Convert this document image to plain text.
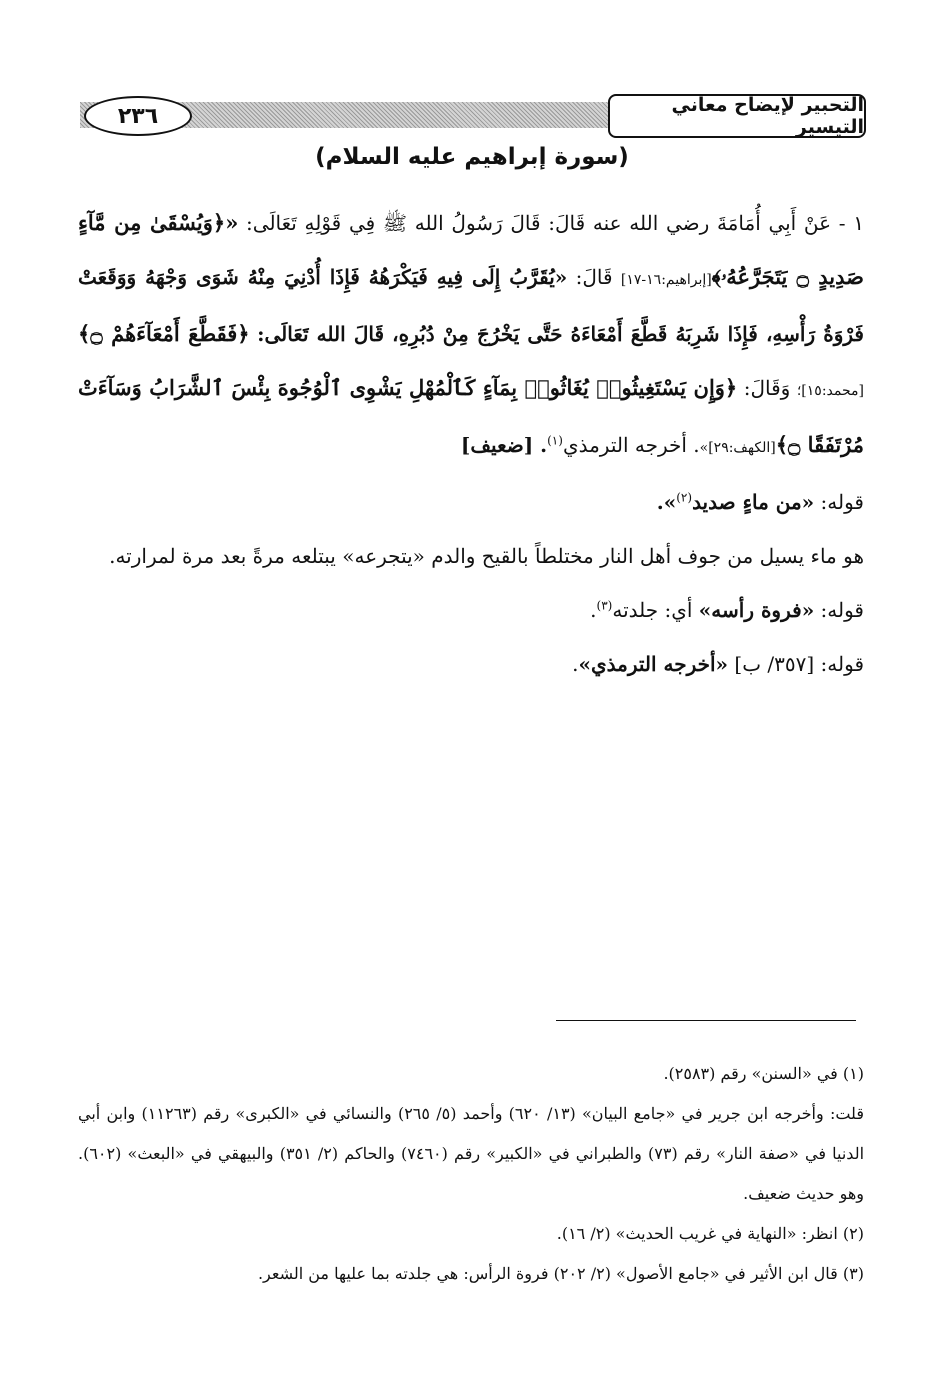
التحبير لإيضاح معاني التيسير
٢٣٦
(سورة إبراهيم عليه السلام)

١ - عَنْ أَبِي أُمَامَةَ رضي الله عنه قَالَ: قَالَ رَسُولُ الله ﷺ فِي قَوْلِهِ تَعَالَى: «﴿وَيُسْقَىٰ مِن مَّآءٍ صَدِيدٍ ۝ يَتَجَرَّعُهُۥ﴾[إبراهيم:١٦-١٧] قَالَ: «يُقَرَّبُ إِلَى فِيهِ فَيَكْرَهُهُ فَإِذَا أُدْنِيَ مِنْهُ شَوَى وَجْهَهُ وَوَقَعَتْ فَرْوَةُ رَأْسِهِ، فَإِذَا شَرِبَهُ قَطَّعَ أَمْعَاءَهُ حَتَّى يَخْرُجَ مِنْ دُبُرِهِ، قَالَ الله تَعَالَى: ﴿فَقَطَّعَ أَمْعَآءَهُمْ ۝﴾[محمد:١٥]؛ وَقَالَ: ﴿وَإِن يَسْتَغِيثُوا۟ يُغَاثُوا۟ بِمَآءٍ كَٱلْمُهْلِ يَشْوِى ٱلْوُجُوهَ بِئْسَ ٱلشَّرَابُ وَسَآءَتْ مُرْتَفَقًا ۝﴾[الكهف:٢٩]». أخرجه الترمذي$^{(١)}$. [ضعيف]

قوله: «من ماءٍ صديد$^{(٢)}$».

هو ماء يسيل من جوف أهل النار مختلطاً بالقيح والدم «يتجرعه» يبتلعه مرةً بعد مرة لمرارته.

قوله: «فروة رأسه» أي: جلدته$^{(٣)}$.

قوله: [٣٥٧/ ب] «أخرجه الترمذي».

(١) في «السنن» رقم (٢٥٨٣).

قلت: وأخرجه ابن جرير في «جامع البيان» (١٣/ ٦٢٠) وأحمد (٥/ ٢٦٥) والنسائي في «الكبرى» رقم (١١٢٦٣) وابن أبي الدنيا في «صفة النار» رقم (٧٣) والطبراني في «الكبير» رقم (٧٤٦٠) والحاكم (٢/ ٣٥١) والبيهقي في «البعث» (٦٠٢). وهو حديث ضعيف.

(٢) انظر: «النهاية في غريب الحديث» (٢/ ١٦).

(٣) قال ابن الأثير في «جامع الأصول» (٢/ ٢٠٢) فروة الرأس: هي جلدته بما عليها من الشعر.
